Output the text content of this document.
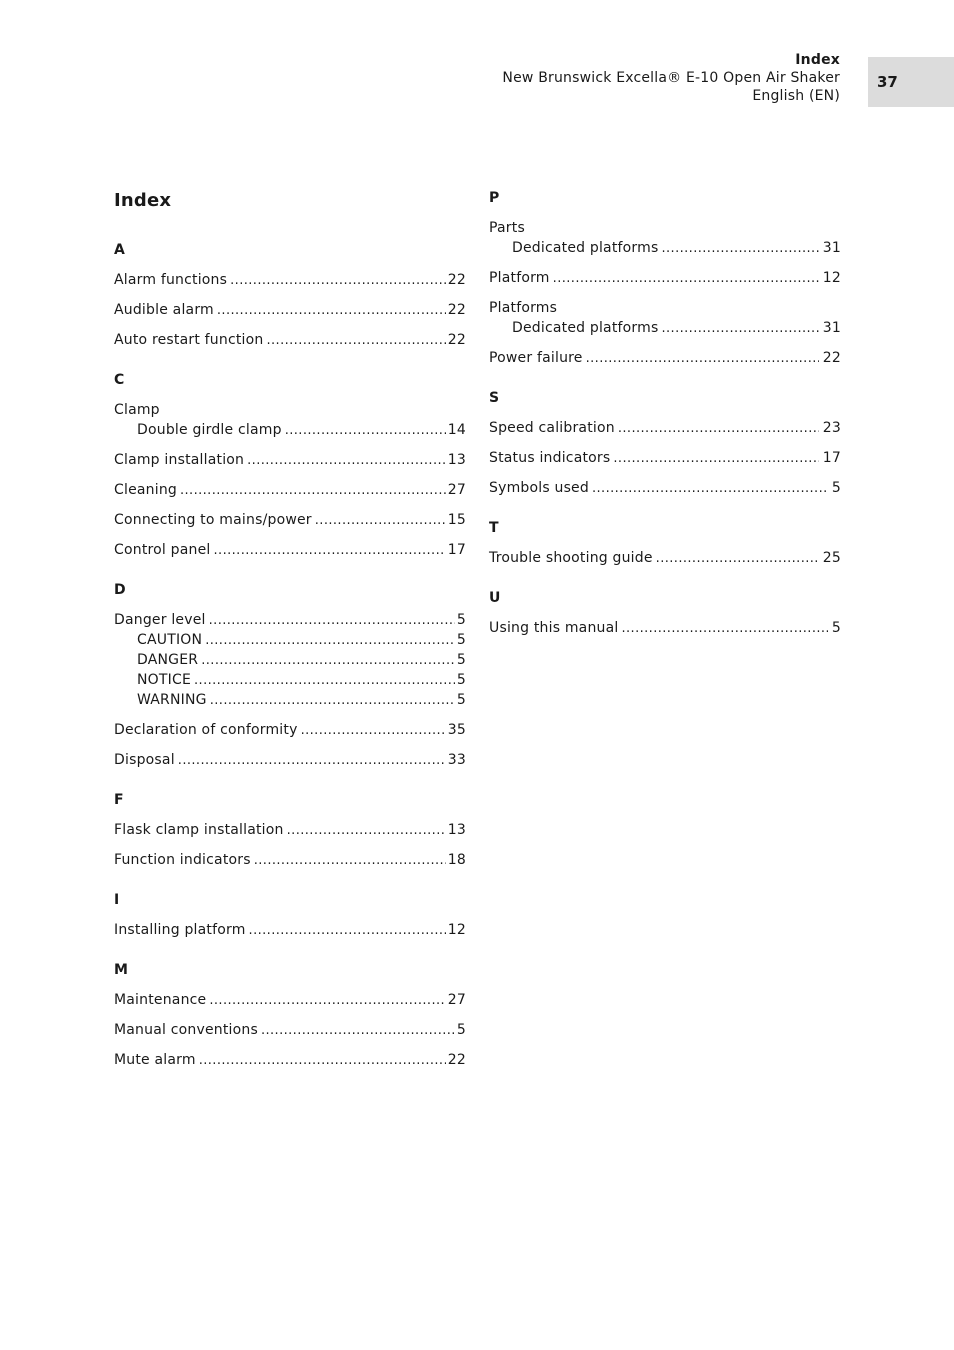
Index
New Brunswick Excella® E-10 Open Air Shaker
English (EN)
37
Index
A
Alarm functions .....	22
Audible alarm .....	22
Auto restart function .....	22
C
Clamp
Double girdle clamp .....	14
Clamp installation .....	13
Cleaning .....	27
Connecting to mains/power .....	15
Control panel .....	17
D
Danger level .....	5
CAUTION .....	5
DANGER .....	5
NOTICE .....	5
WARNING .....	5
Declaration of conformity .....	35
Disposal .....	33
F
Flask clamp installation .....	13
Function indicators .....	18
I
Installing platform .....	12
M
Maintenance .....	27
Manual conventions .....	5
Mute alarm .....	22
P
Parts
Dedicated platforms .....	31
Platform .....	12
Platforms
Dedicated platforms .....	31
Power failure .....	22
S
Speed calibration .....	23
Status indicators .....	17
Symbols used .....	5
T
Trouble shooting guide .....	25
U
Using this manual .....	5
